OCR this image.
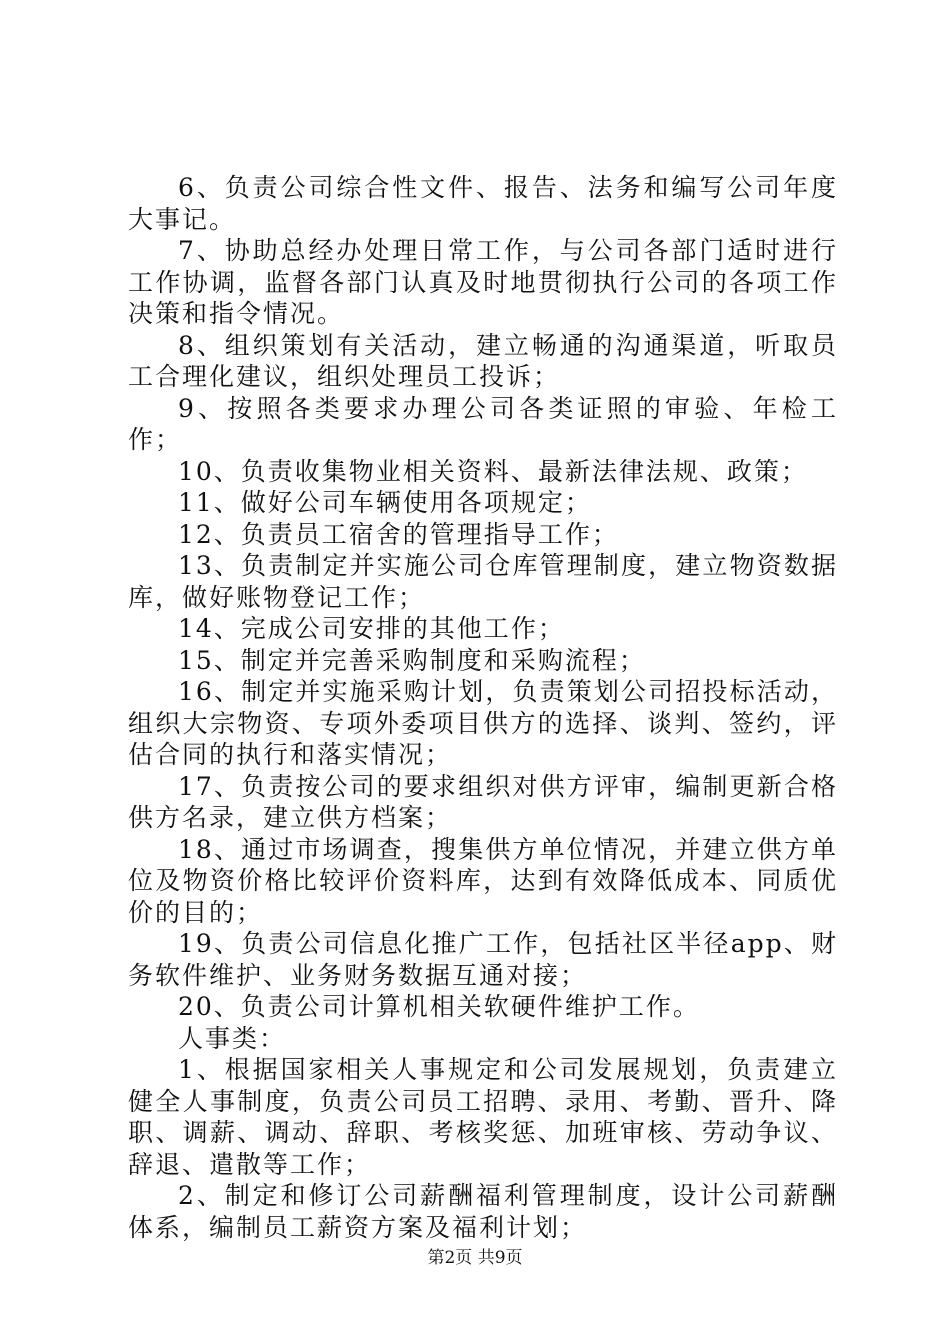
6、负责公司综合性文件、报告、法务和编写公司年度大事记。

7、协助总经办处理日常工作，与公司各部门适时进行工作协调，监督各部门认真及时地贯彻执行公司的各项工作决策和指令情况。

8、组织策划有关活动，建立畅通的沟通渠道，听取员工合理化建议，组织处理员工投诉；

9、按照各类要求办理公司各类证照的审验、年检工作；

10、负责收集物业相关资料、最新法律法规、政策；

11、做好公司车辆使用各项规定；

12、负责员工宿舍的管理指导工作；

13、负责制定并实施公司仓库管理制度，建立物资数据库，做好账物登记工作；

14、完成公司安排的其他工作；

15、制定并完善采购制度和采购流程；

16、制定并实施采购计划，负责策划公司招投标活动，组织大宗物资、专项外委项目供方的选择、谈判、签约，评估合同的执行和落实情况；

17、负责按公司的要求组织对供方评审，编制更新合格供方名录，建立供方档案；

18、通过市场调查，搜集供方单位情况，并建立供方单位及物资价格比较评价资料库，达到有效降低成本、同质优价的目的；

19、负责公司信息化推广工作，包括社区半径app、财务软件维护、业务财务数据互通对接；

20、负责公司计算机相关软硬件维护工作。

人事类：

1、根据国家相关人事规定和公司发展规划，负责建立健全人事制度，负责公司员工招聘、录用、考勤、晋升、降职、调薪、调动、辞职、考核奖惩、加班审核、劳动争议、辞退、遣散等工作；

2、制定和修订公司薪酬福利管理制度，设计公司薪酬体系，编制员工薪资方案及福利计划；

第2页 共9页
